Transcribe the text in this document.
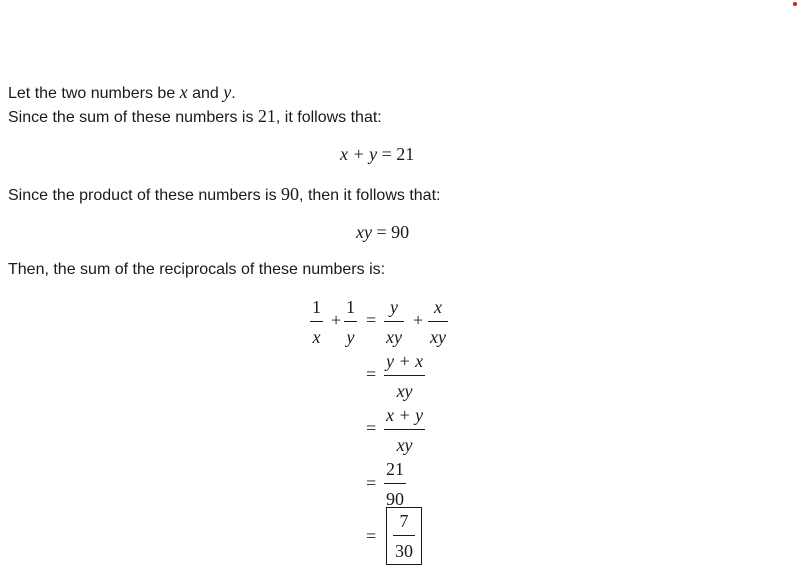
Let the two numbers be x and y.
Since the sum of these numbers is 21, it follows that:
x + y = 21
Since the product of these numbers is 90, then it follows that:
xy = 90
Then, the sum of the reciprocals of these numbers is:
1
x
+
1
y
=
y
xy
+
x
xy
=
y + x
xy
=
x + y
xy
=
21
90
=
7
30
